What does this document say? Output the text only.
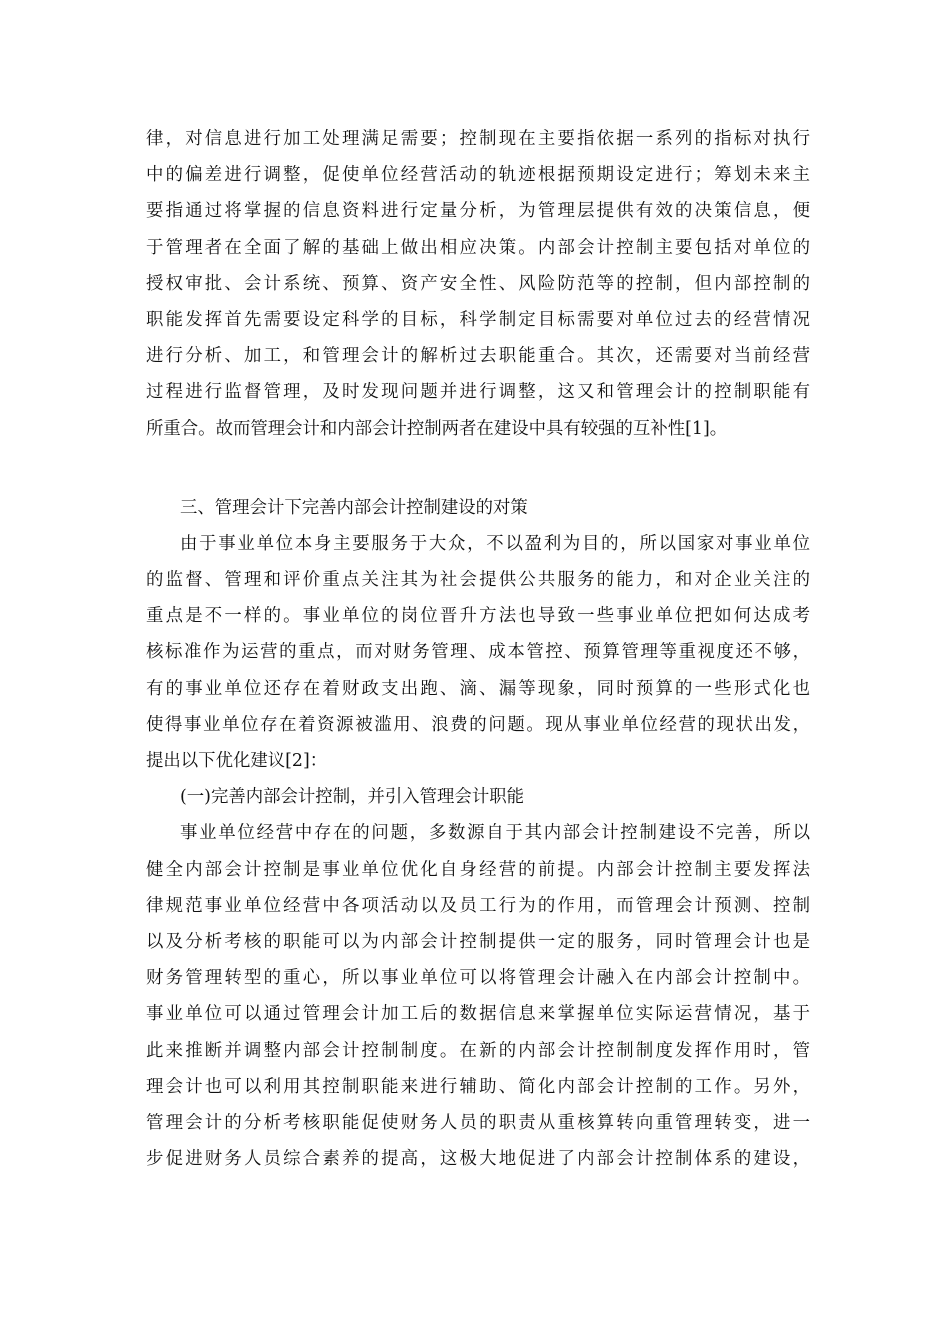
律，对信息进行加工处理满足需要；控制现在主要指依据一系列的指标对执行
中的偏差进行调整，促使单位经营活动的轨迹根据预期设定进行；筹划未来主
要指通过将掌握的信息资料进行定量分析，为管理层提供有效的决策信息，便
于管理者在全面了解的基础上做出相应决策。内部会计控制主要包括对单位的
授权审批、会计系统、预算、资产安全性、风险防范等的控制，但内部控制的
职能发挥首先需要设定科学的目标，科学制定目标需要对单位过去的经营情况
进行分析、加工，和管理会计的解析过去职能重合。其次，还需要对当前经营
过程进行监督管理，及时发现问题并进行调整，这又和管理会计的控制职能有
所重合。故而管理会计和内部会计控制两者在建设中具有较强的互补性[1]。
三、管理会计下完善内部会计控制建设的对策
由于事业单位本身主要服务于大众，不以盈利为目的，所以国家对事业单位
的监督、管理和评价重点关注其为社会提供公共服务的能力，和对企业关注的
重点是不一样的。事业单位的岗位晋升方法也导致一些事业单位把如何达成考
核标准作为运营的重点，而对财务管理、成本管控、预算管理等重视度还不够，
有的事业单位还存在着财政支出跑、滴、漏等现象，同时预算的一些形式化也
使得事业单位存在着资源被滥用、浪费的问题。现从事业单位经营的现状出发，
提出以下优化建议[2]：
(一)完善内部会计控制，并引入管理会计职能
事业单位经营中存在的问题，多数源自于其内部会计控制建设不完善，所以
健全内部会计控制是事业单位优化自身经营的前提。内部会计控制主要发挥法
律规范事业单位经营中各项活动以及员工行为的作用，而管理会计预测、控制
以及分析考核的职能可以为内部会计控制提供一定的服务，同时管理会计也是
财务管理转型的重心，所以事业单位可以将管理会计融入在内部会计控制中。
事业单位可以通过管理会计加工后的数据信息来掌握单位实际运营情况，基于
此来推断并调整内部会计控制制度。在新的内部会计控制制度发挥作用时，管
理会计也可以利用其控制职能来进行辅助、简化内部会计控制的工作。另外，
管理会计的分析考核职能促使财务人员的职责从重核算转向重管理转变，进一
步促进财务人员综合素养的提高，这极大地促进了内部会计控制体系的建设，
